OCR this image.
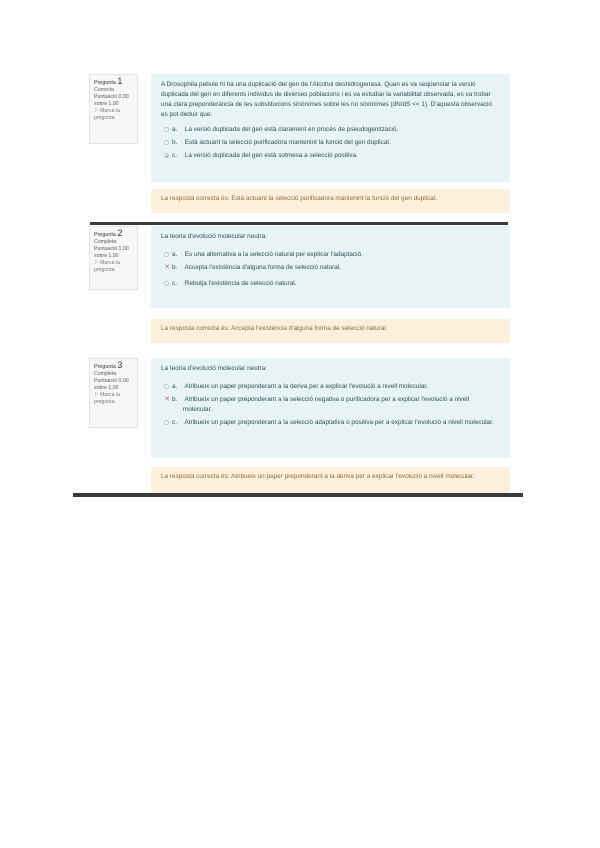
Pregunta 1
Correcta
Puntuació 0,00 sobre 1,00
⚐ Marca la pregunta
A Drosophila pebule hi ha una duplicació del gen de l'Alcohol deshidrogenasa. Quan es va seqüenciar la versió duplicada del gen en diferents individus de diverses poblacions i es va estudiar la variabilitat observada, es va trobar una clara preponderància de les substitucions sinònimes sobre les no sinònimes (dN/dS << 1). D'aquesta observació es pot deduir que:
a. La versió duplicada del gen està clarament en procés de pseudogenització.
b. Està actuant la selecció purificadora mantenint la funció del gen duplicat.
c. La versió duplicada del gen està sotmesa a selecció positiva.
La resposta correcta és: Està actuant la selecció purificadora mantenint la funció del gen duplicat.
Pregunta 2
Completa
Puntuació 1,00 sobre 1,00
⚐ Marca la pregunta
La teoria d'evolució molecular neutra:
a. Es una alternativa a la selecció natural per explicar l'adaptació.
✕ b. Accepta l'existència d'alguna forma de selecció natural.
c. Rebutja l'existència de selecció natural.
La resposta correcta és: Accepta l'existència d'alguna forma de selecció natural.
Pregunta 3
Completa
Puntuació 0,00 sobre 1,00
⚐ Marca la pregunta
La teoria d'evolució molecular neutra:
a. Atribueix un paper preponderant a la deriva per a explicar l'evolució a nivell molecular.
✕ b. Atribueix un paper preponderant a la selecció negativa o purificadora per a explicar l'evolució a nivell molecular.
c. Atribueix un paper preponderant a la selecció adaptativa o positiva per a explicar l'evolució a nivell molecular.
La resposta correcta és: Atribueix un paper preponderant a la deriva per a explicar l'evolució a nivell molecular.
